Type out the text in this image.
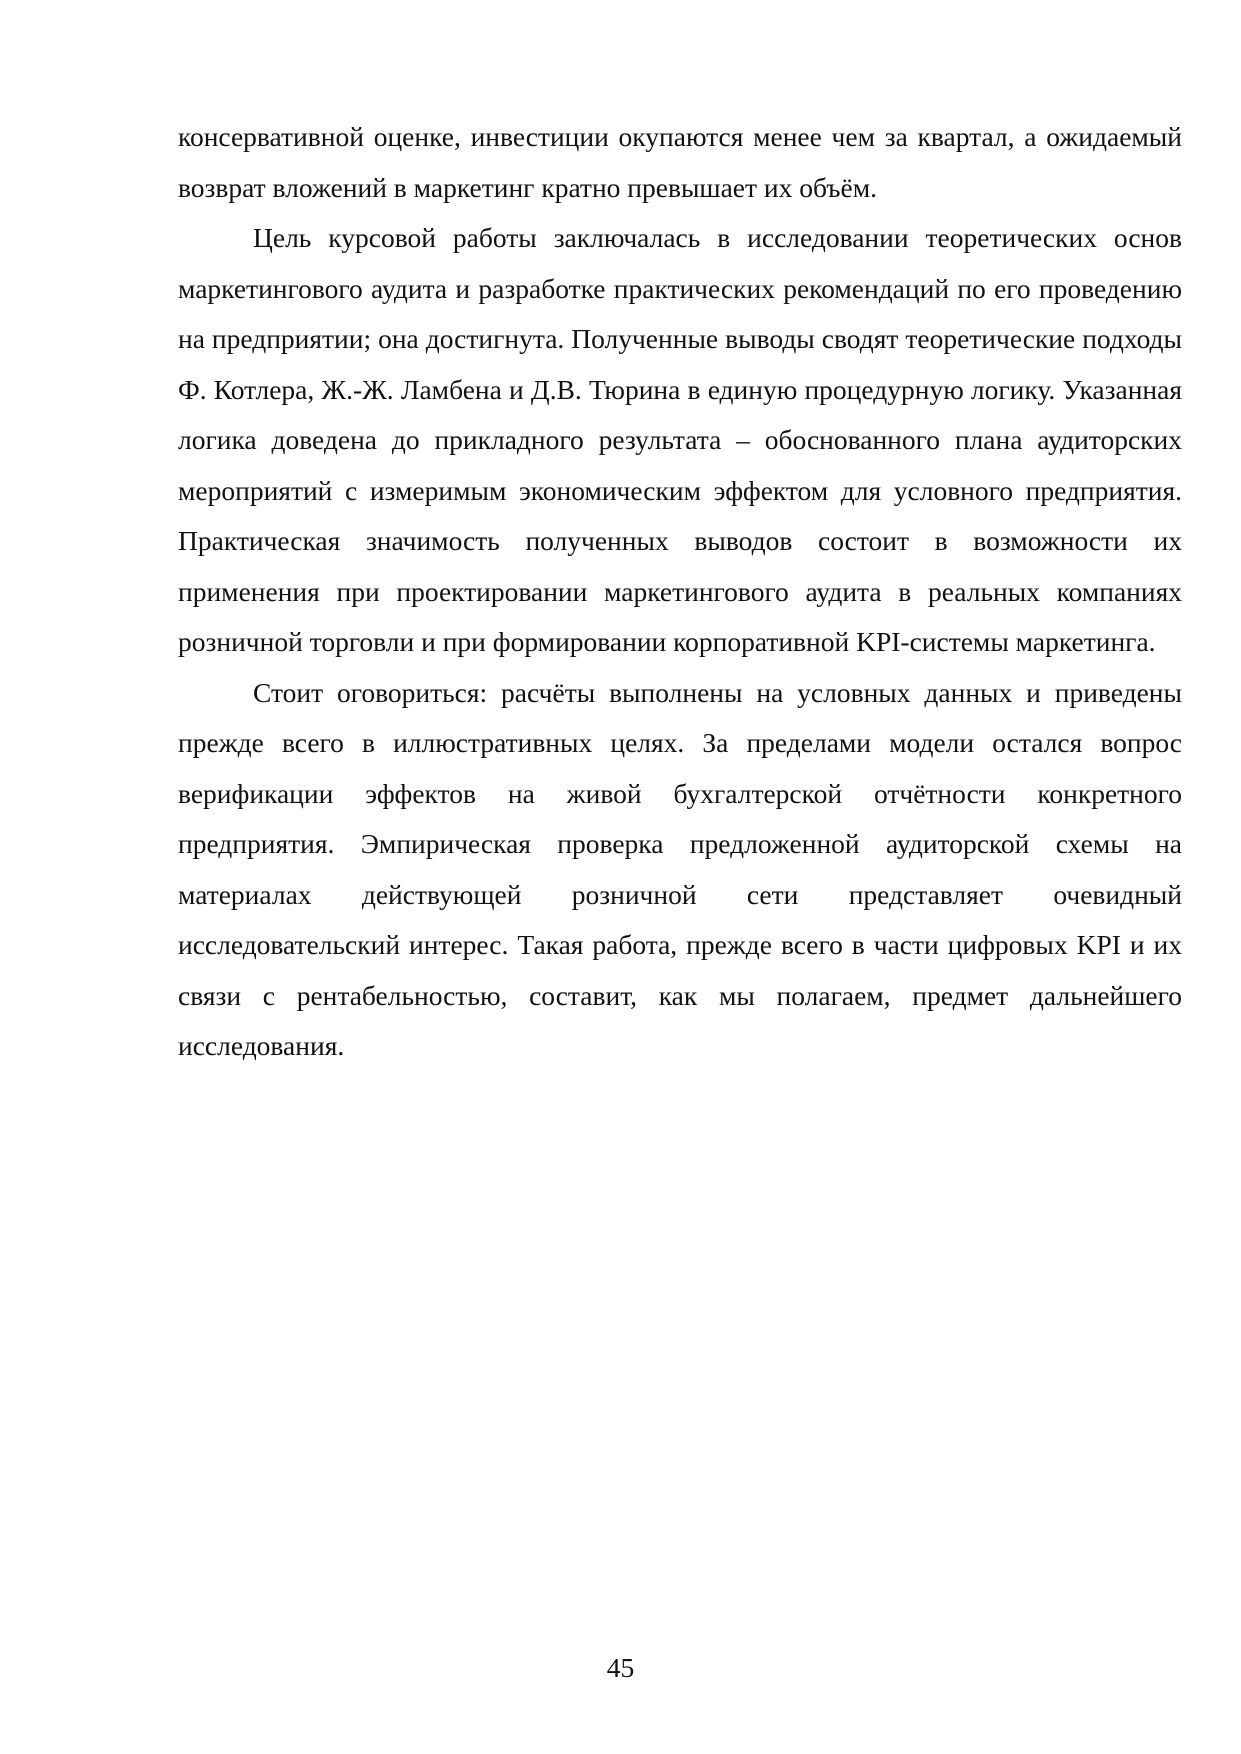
консервативной оценке, инвестиции окупаются менее чем за квартал, а ожидаемый возврат вложений в маркетинг кратно превышает их объём.

Цель курсовой работы заключалась в исследовании теоретических основ маркетингового аудита и разработке практических рекомендаций по его проведению на предприятии; она достигнута. Полученные выводы сводят теоретические подходы Ф. Котлера, Ж.-Ж. Ламбена и Д.В. Тюрина в единую процедурную логику. Указанная логика доведена до прикладного результата – обоснованного плана аудиторских мероприятий с измеримым экономическим эффектом для условного предприятия. Практическая значимость полученных выводов состоит в возможности их применения при проектировании маркетингового аудита в реальных компаниях розничной торговли и при формировании корпоративной KPI-системы маркетинга.

Стоит оговориться: расчёты выполнены на условных данных и приведены прежде всего в иллюстративных целях. За пределами модели остался вопрос верификации эффектов на живой бухгалтерской отчётности конкретного предприятия. Эмпирическая проверка предложенной аудиторской схемы на материалах действующей розничной сети представляет очевидный исследовательский интерес. Такая работа, прежде всего в части цифровых KPI и их связи с рентабельностью, составит, как мы полагаем, предмет дальнейшего исследования.

45
